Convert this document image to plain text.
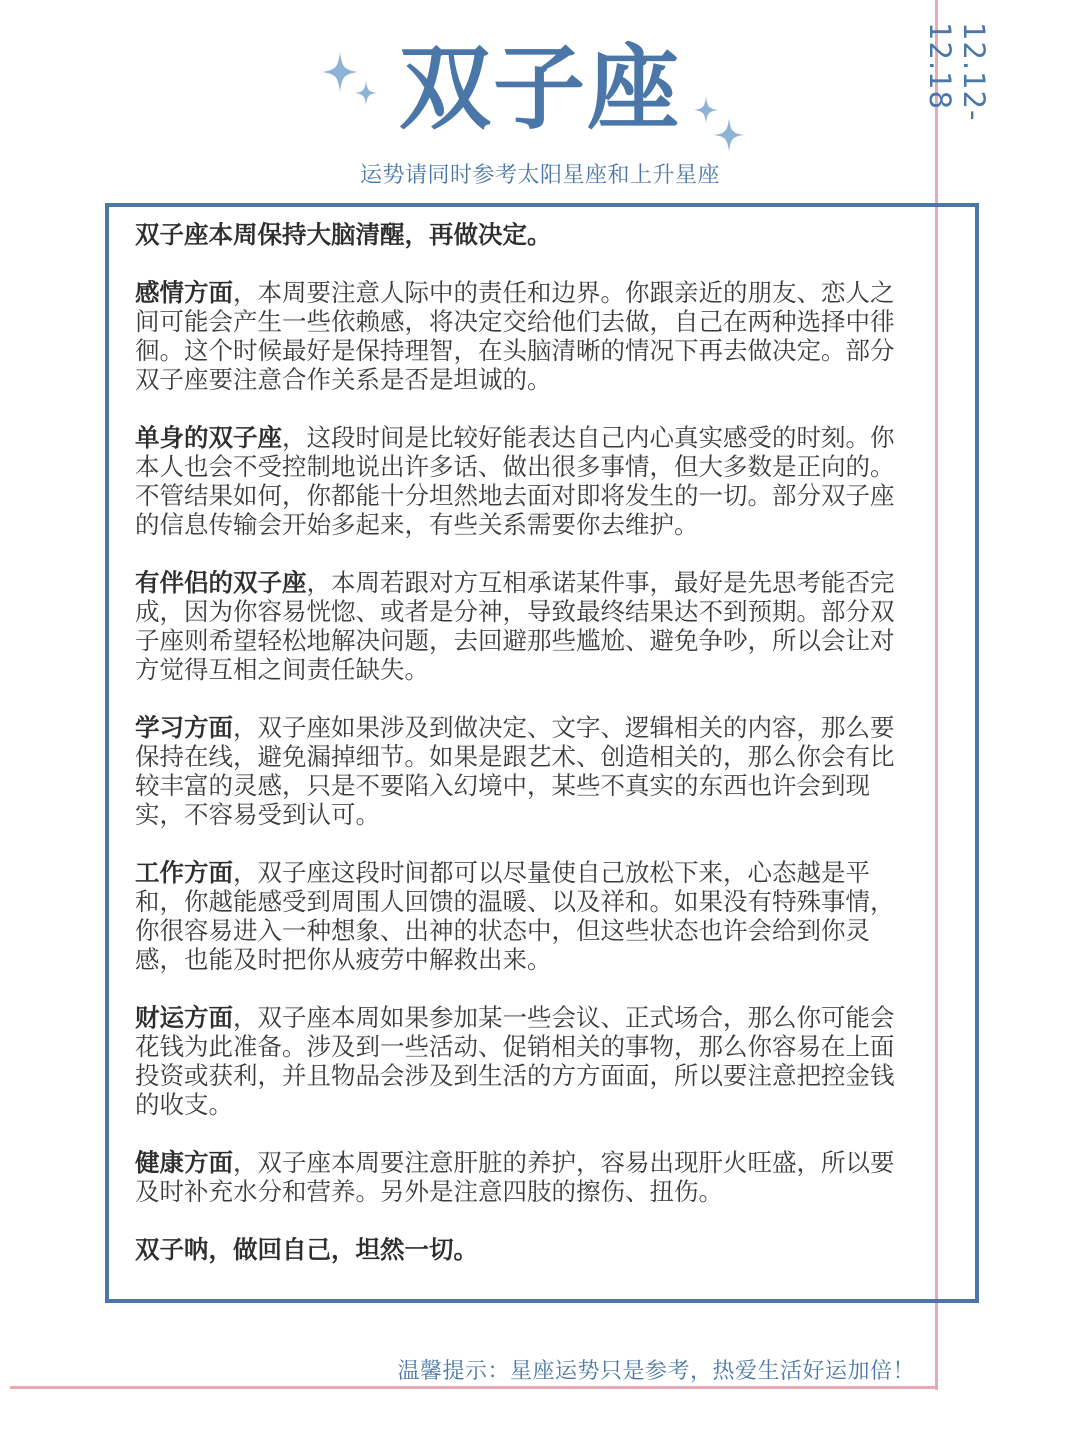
12.12-12.18
双子座
运势请同时参考太阳星座和上升星座

双子座本周保持大脑清醒，再做决定。

感情方面，本周要注意人际中的责任和边界。你跟亲近的朋友、恋人之间可能会产生一些依赖感，将决定交给他们去做，自己在两种选择中徘徊。这个时候最好是保持理智，在头脑清晰的情况下再去做决定。部分双子座要注意合作关系是否是坦诚的。

单身的双子座，这段时间是比较好能表达自己内心真实感受的时刻。你本人也会不受控制地说出许多话、做出很多事情，但大多数是正向的。不管结果如何，你都能十分坦然地去面对即将发生的一切。部分双子座的信息传输会开始多起来，有些关系需要你去维护。

有伴侣的双子座，本周若跟对方互相承诺某件事，最好是先思考能否完成，因为你容易恍惚、或者是分神，导致最终结果达不到预期。部分双子座则希望轻松地解决问题，去回避那些尴尬、避免争吵，所以会让对方觉得互相之间责任缺失。

学习方面，双子座如果涉及到做决定、文字、逻辑相关的内容，那么要保持在线，避免漏掉细节。如果是跟艺术、创造相关的，那么你会有比较丰富的灵感，只是不要陷入幻境中，某些不真实的东西也许会到现实，不容易受到认可。

工作方面，双子座这段时间都可以尽量使自己放松下来，心态越是平和，你越能感受到周围人回馈的温暖、以及祥和。如果没有特殊事情，你很容易进入一种想象、出神的状态中，但这些状态也许会给到你灵感，也能及时把你从疲劳中解救出来。

财运方面，双子座本周如果参加某一些会议、正式场合，那么你可能会花钱为此准备。涉及到一些活动、促销相关的事物，那么你容易在上面投资或获利，并且物品会涉及到生活的方方面面，所以要注意把控金钱的收支。

健康方面，双子座本周要注意肝脏的养护，容易出现肝火旺盛，所以要及时补充水分和营养。另外是注意四肢的擦伤、扭伤。

双子呐，做回自己，坦然一切。

温馨提示：星座运势只是参考，热爱生活好运加倍！
